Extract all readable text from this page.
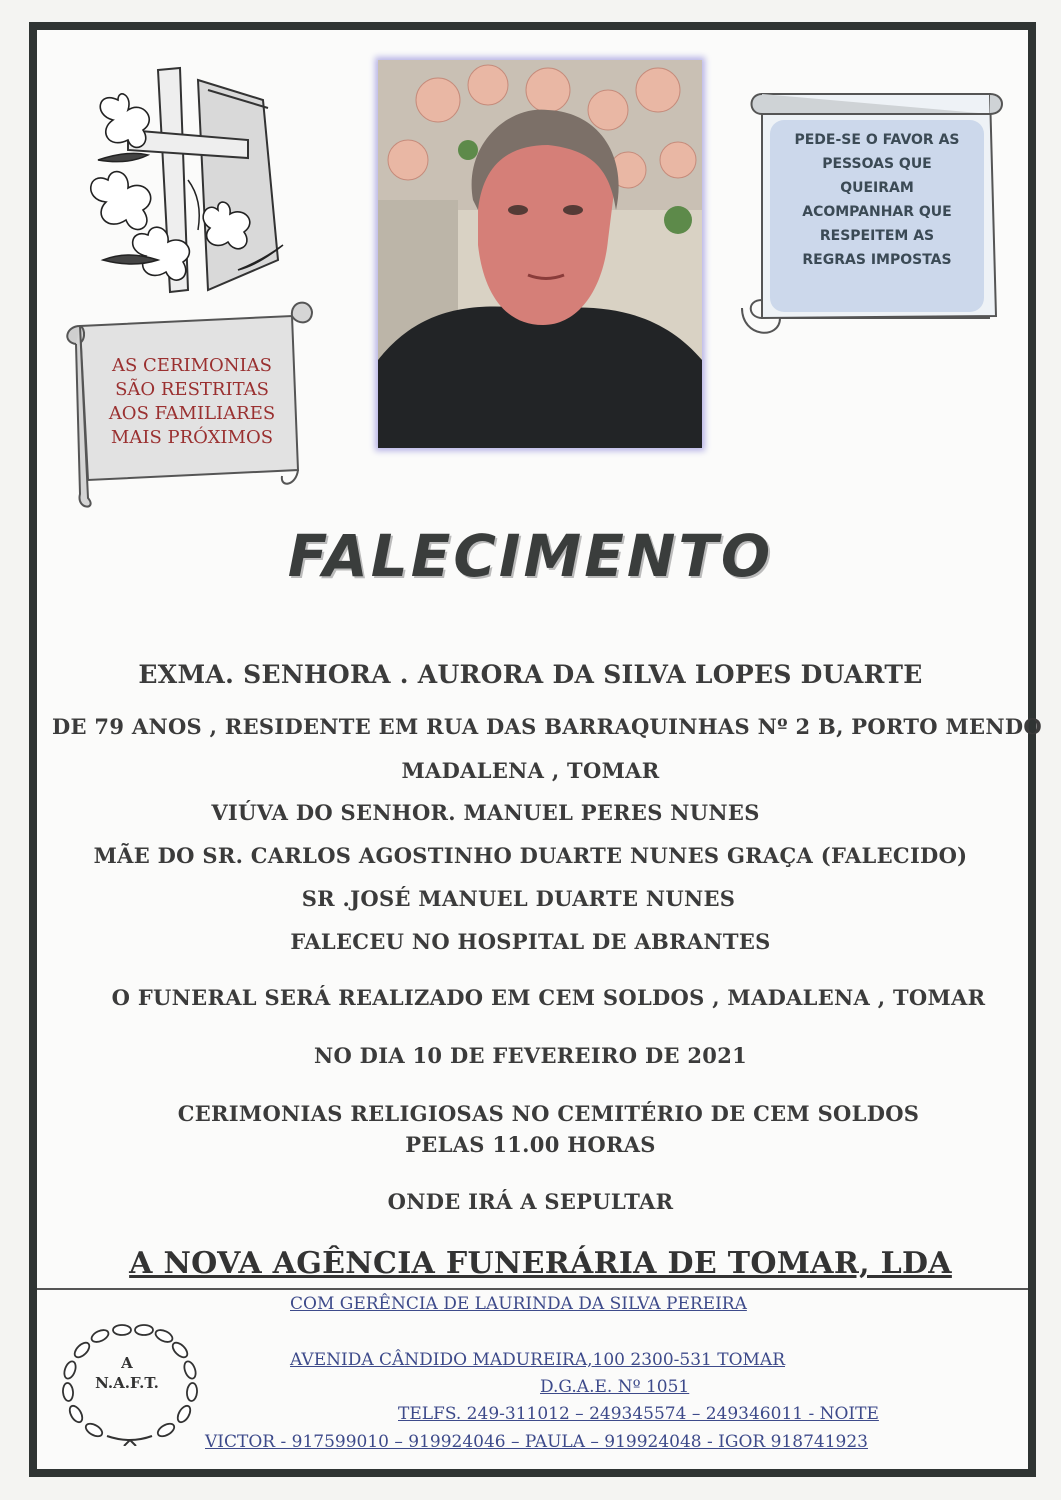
AS CERIMONIAS
SÃO RESTRITAS
AOS FAMILIARES
MAIS PRÓXIMOS
PEDE-SE O FAVOR AS
PESSOAS QUE
QUEIRAM
ACOMPANHAR QUE
RESPEITEM AS
REGRAS IMPOSTAS
FALECIMENTO
EXMA. SENHORA . AURORA DA SILVA LOPES DUARTE
DE 79 ANOS , RESIDENTE EM RUA DAS BARRAQUINHAS Nº 2 B, PORTO MENDO
MADALENA , TOMAR
VIÚVA DO SENHOR. MANUEL PERES NUNES
MÃE DO SR. CARLOS AGOSTINHO DUARTE NUNES GRAÇA (FALECIDO)
SR .JOSÉ MANUEL DUARTE NUNES
FALECEU NO HOSPITAL DE ABRANTES
O FUNERAL SERÁ REALIZADO EM CEM SOLDOS , MADALENA , TOMAR
NO DIA 10 DE FEVEREIRO DE 2021
CERIMONIAS RELIGIOSAS NO CEMITÉRIO DE CEM SOLDOS
PELAS 11.00 HORAS
ONDE IRÁ A SEPULTAR
A NOVA AGÊNCIA FUNERÁRIA DE TOMAR, LDA
COM GERÊNCIA DE LAURINDA DA SILVA PEREIRA
A
N.A.F.T.
AVENIDA CÂNDIDO MADUREIRA,100 2300-531 TOMAR
D.G.A.E. Nº 1051
TELFS. 249-311012 – 249345574 – 249346011 - NOITE
VICTOR - 917599010 – 919924046 – PAULA – 919924048 - IGOR 918741923
